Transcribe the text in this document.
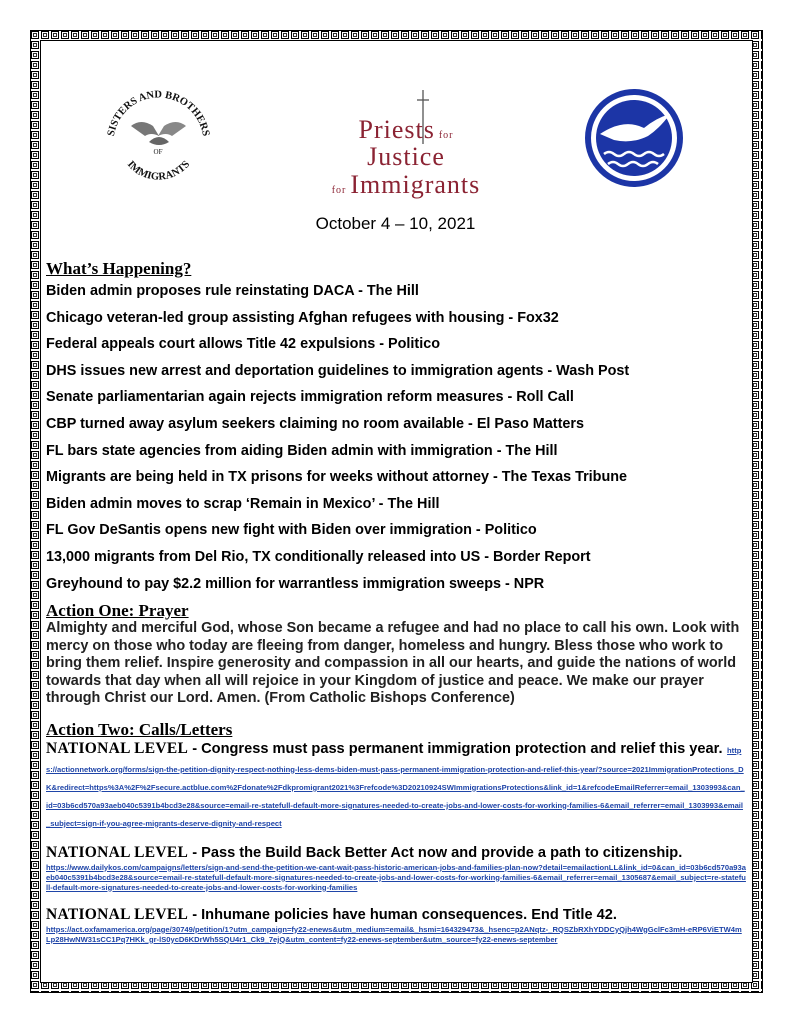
SISTERS AND BROTHERS
IMMIGRANTS
OF
Priests for
Justice
for Immigrants
October 4 – 10, 2021
What’s Happening?
Biden admin proposes rule reinstating DACA - The Hill
Chicago veteran-led group assisting Afghan refugees with housing - Fox32
Federal appeals court allows Title 42 expulsions - Politico
DHS issues new arrest and deportation guidelines to immigration agents - Wash Post
Senate parliamentarian again rejects immigration reform measures - Roll Call
CBP turned away asylum seekers claiming no room available - El Paso Matters
FL bars state agencies from aiding Biden admin with immigration - The Hill
Migrants are being held in TX prisons for weeks without attorney - The Texas Tribune
Biden admin moves to scrap ‘Remain in Mexico’ - The Hill
FL Gov DeSantis opens new fight with Biden over immigration - Politico
13,000 migrants from Del Rio, TX conditionally released into US - Border Report
Greyhound to pay $2.2 million for warrantless immigration sweeps - NPR
Action One: Prayer

Almighty and merciful God, whose Son became a refugee and had no place to call his own. Look with mercy on those who today are fleeing from danger, homeless and hungry. Bless those who work to bring them relief. Inspire generosity and compassion in all our hearts, and guide the nations of world towards that day when all will rejoice in your Kingdom of justice and peace. We make our prayer through Christ our Lord. Amen. (From Catholic Bishops Conference)

Action Two: Calls/Letters
NATIONAL LEVEL - Congress must pass permanent immigration protection and relief this year. https://actionnetwork.org/forms/sign-the-petition-dignity-respect-nothing-less-dems-biden-must-pass-permanent-immigration-protection-and-relief-this-year/?source=2021ImmigrationProtections_DK&redirect=https%3A%2F%2Fsecure.actblue.com%2Fdonate%2Fdkpromigrant2021%3Frefcode%3D20210924SWImmigrationsProtections&link_id=1&refcodeEmailReferrer=email_1303993&can_id=03b6cd570a93aeb040c5391b4bcd3e28&source=email-re-statefull-default-more-signatures-needed-to-create-jobs-and-lower-costs-for-working-families-6&email_referrer=email_1303993&email_subject=sign-if-you-agree-migrants-deserve-dignity-and-respect
NATIONAL LEVEL - Pass the Build Back Better Act now and provide a path to citizenship.
https://www.dailykos.com/campaigns/letters/sign-and-send-the-petition-we-cant-wait-pass-historic-american-jobs-and-families-plan-now?detail=emailactionLL&link_id=0&can_id=03b6cd570a93aeb040c5391b4bcd3e28&source=email-re-statefull-default-more-signatures-needed-to-create-jobs-and-lower-costs-for-working-families-6&email_referrer=email_1305687&email_subject=re-statefull-default-more-signatures-needed-to-create-jobs-and-lower-costs-for-working-families
NATIONAL LEVEL - Inhumane policies have human consequences. End Title 42.
https://act.oxfamamerica.org/page/30749/petition/1?utm_campaign=fy22-enews&utm_medium=email&_hsmi=164329473&_hsenc=p2ANqtz-_RQSZbRXhYDDCyQjh4WgGclFc3mH-eRP6ViETW4mLp28HwNW31sCC1Pq7HKk_gr-lS0ycD6KDrWh5SQU4r1_Ck9_7ejQ&utm_content=fy22-enews-september&utm_source=fy22-enews-september
